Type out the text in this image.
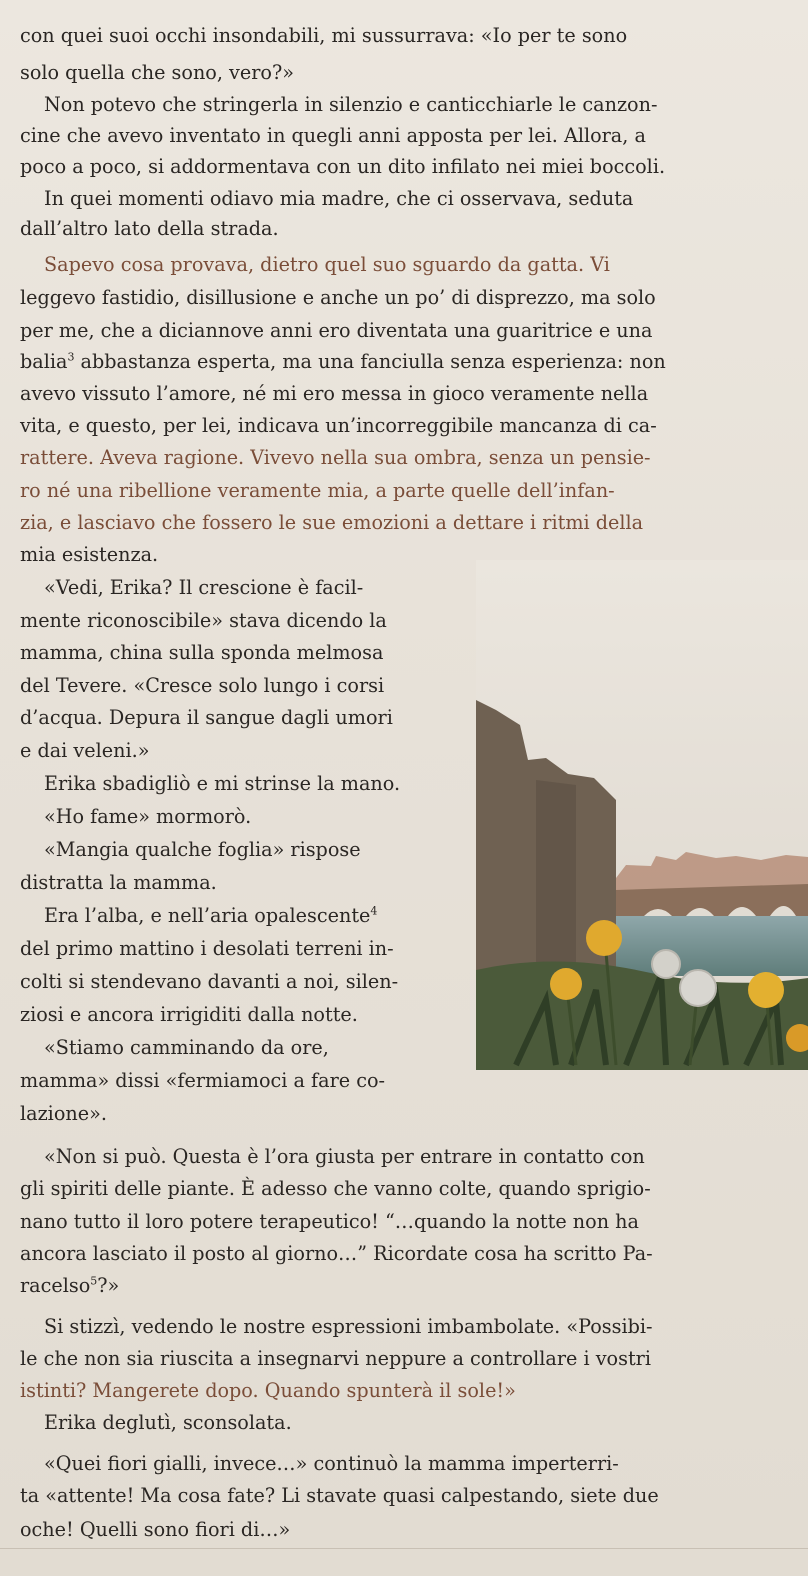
con quei suoi occhi insondabili, mi sussurrava: «Io per te sono

solo quella che sono, vero?»

Non potevo che stringerla in silenzio e canticchiarle le canzon-

cine che avevo inventato in quegli anni apposta per lei. Allora, a

poco a poco, si addormentava con un dito infilato nei miei boccoli.

In quei momenti odiavo mia madre, che ci osservava, seduta

dall’altro lato della strada.

Sapevo cosa provava, dietro quel suo sguardo da gatta. Vi

leggevo fastidio, disillusione e anche un po’ di disprezzo, ma solo

per me, che a diciannove anni ero diventata una guaritrice e una

balia$^3$ abbastanza esperta, ma una fanciulla senza esperienza: non

avevo vissuto l’amore, né mi ero messa in gioco veramente nella

vita, e questo, per lei, indicava un’incorreggibile mancanza di ca-

rattere. Aveva ragione. Vivevo nella sua ombra, senza un pensie-

ro né una ribellione veramente mia, a parte quelle dell’infan-

zia, e lasciavo che fossero le sue emozioni a dettare i ritmi della

mia esistenza.

«Vedi, Erika? Il crescione è facil-

mente riconoscibile» stava dicendo la

mamma, china sulla sponda melmosa

del Tevere. «Cresce solo lungo i corsi

d’acqua. Depura il sangue dagli umori

e dai veleni.»

Erika sbadigliò e mi strinse la mano.

«Ho fame» mormorò.

«Mangia qualche foglia» rispose

distratta la mamma.

Era l’alba, e nell’aria opalescente$^4$

del primo mattino i desolati terreni in-

colti si stendevano davanti a noi, silen-

ziosi e ancora irrigiditi dalla notte.

«Stiamo camminando da ore,

mamma» dissi «fermiamoci a fare co-

lazione».

«Non si può. Questa è l’ora giusta per entrare in contatto con

gli spiriti delle piante. È adesso che vanno colte, quando sprigio-

nano tutto il loro potere terapeutico! “…quando la notte non ha

ancora lasciato il posto al giorno…” Ricordate cosa ha scritto Pa-

racelso$^5$?»

Si stizzì, vedendo le nostre espressioni imbambolate. «Possibi-

le che non sia riuscita a insegnarvi neppure a controllare i vostri

istinti? Mangerete dopo. Quando spunterà il sole!»

Erika deglutì, sconsolata.

«Quei fiori gialli, invece…» continuò la mamma imperterri-

ta «attente! Ma cosa fate? Li stavate quasi calpestando, siete due

oche! Quelli sono fiori di…»
